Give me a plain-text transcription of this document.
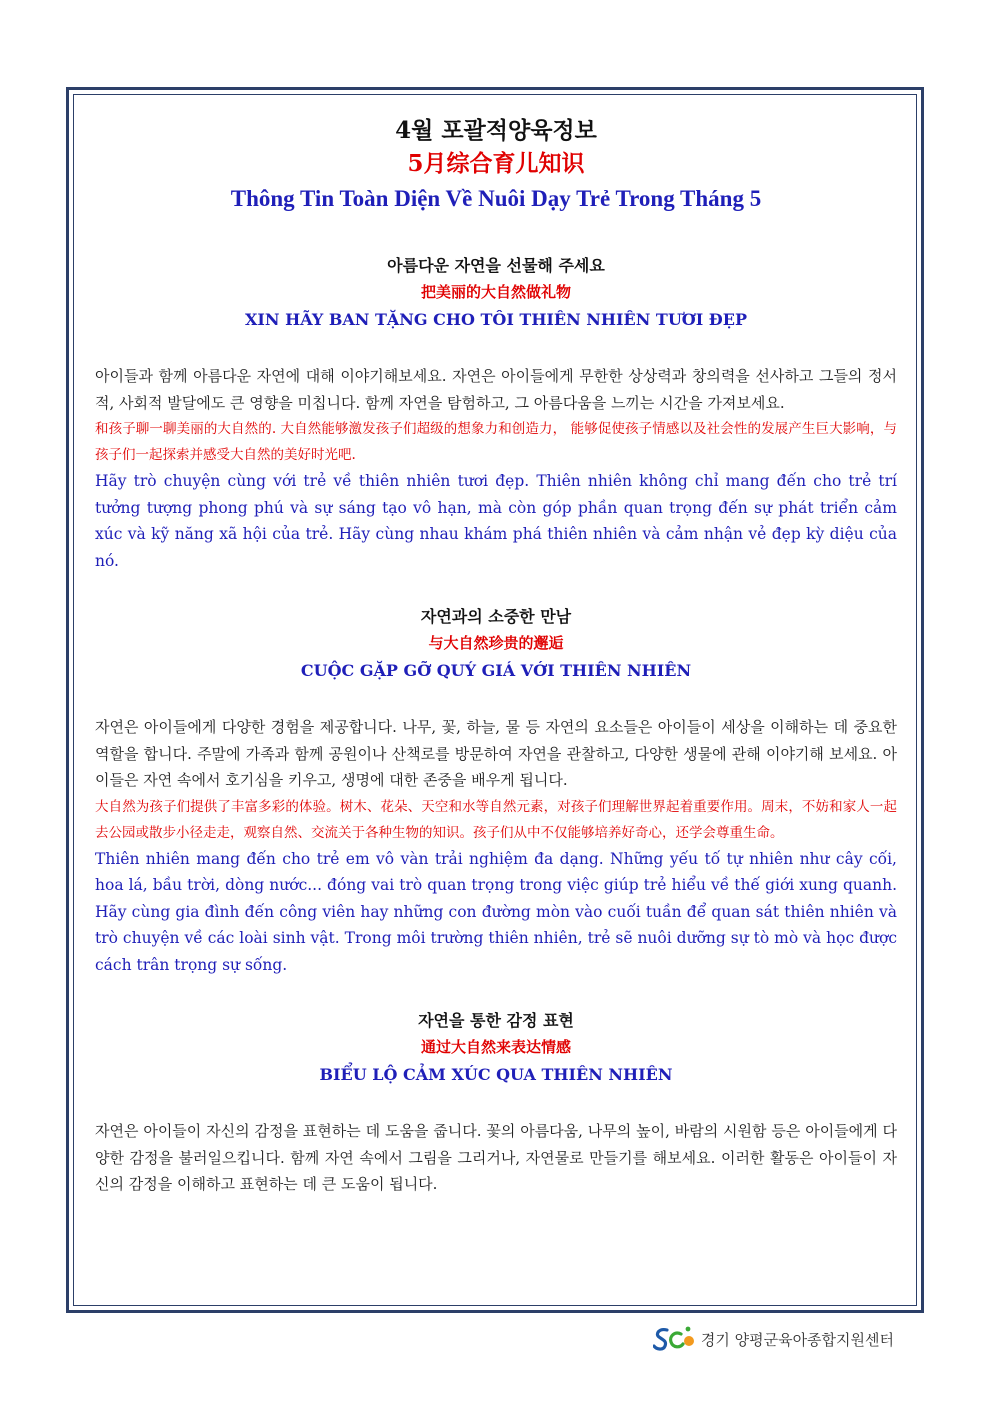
4월 포괄적양육정보
5月综合育儿知识
Thông Tin Toàn Diện Về Nuôi Dạy Trẻ Trong Tháng 5
아름다운 자연을 선물해 주세요
把美丽的大自然做礼物
XIN HÃY BAN TẶNG CHO TÔI THIÊN NHIÊN TƯƠI ĐẸP

아이들과 함께 아름다운 자연에 대해 이야기해보세요. 자연은 아이들에게 무한한 상상력과 창의력을 선사하고 그들의 정서적, 사회적 발달에도 큰 영향을 미칩니다. 함께 자연을 탐험하고, 그 아름다움을 느끼는 시간을 가져보세요.

和孩子聊一聊美丽的大自然的. 大自然能够激发孩子们超级的想象力和创造力， 能够促使孩子情感以及社会性的发展产生巨大影响，与孩子们一起探索并感受大自然的美好时光吧.

Hãy trò chuyện cùng với trẻ về thiên nhiên tươi đẹp. Thiên nhiên không chỉ mang đến cho trẻ trí tưởng tượng phong phú và sự sáng tạo vô hạn, mà còn góp phần quan trọng đến sự phát triển cảm xúc và kỹ năng xã hội của trẻ. Hãy cùng nhau khám phá thiên nhiên và cảm nhận vẻ đẹp kỳ diệu của nó.

자연과의 소중한 만남
与大自然珍贵的邂逅
CUỘC GẶP GỠ QUÝ GIÁ VỚI THIÊN NHIÊN

자연은 아이들에게 다양한 경험을 제공합니다. 나무, 꽃, 하늘, 물 등 자연의 요소들은 아이들이 세상을 이해하는 데 중요한 역할을 합니다. 주말에 가족과 함께 공원이나 산책로를 방문하여 자연을 관찰하고, 다양한 생물에 관해 이야기해 보세요. 아이들은 자연 속에서 호기심을 키우고, 생명에 대한 존중을 배우게 됩니다.

大自然为孩子们提供了丰富多彩的体验。树木、花朵、天空和水等自然元素，对孩子们理解世界起着重要作用。周末，不妨和家人一起去公园或散步小径走走，观察自然、交流关于各种生物的知识。孩子们从中不仅能够培养好奇心，还学会尊重生命。

Thiên nhiên mang đến cho trẻ em vô vàn trải nghiệm đa dạng. Những yếu tố tự nhiên như cây cối, hoa lá, bầu trời, dòng nước... đóng vai trò quan trọng trong việc giúp trẻ hiểu về thế giới xung quanh. Hãy cùng gia đình đến công viên hay những con đường mòn vào cuối tuần để quan sát thiên nhiên và trò chuyện về các loài sinh vật. Trong môi trường thiên nhiên, trẻ sẽ nuôi dưỡng sự tò mò và học được cách trân trọng sự sống.

자연을 통한 감정 표현
通过大自然来表达情感
BIỂU LỘ CẢM XÚC QUA THIÊN NHIÊN

자연은 아이들이 자신의 감정을 표현하는 데 도움을 줍니다. 꽃의 아름다움, 나무의 높이, 바람의 시원함 등은 아이들에게 다양한 감정을 불러일으킵니다. 함께 자연 속에서 그림을 그리거나, 자연물로 만들기를 해보세요. 이러한 활동은 아이들이 자신의 감정을 이해하고 표현하는 데 큰 도움이 됩니다.

경기 양평군육아종합지원센터
